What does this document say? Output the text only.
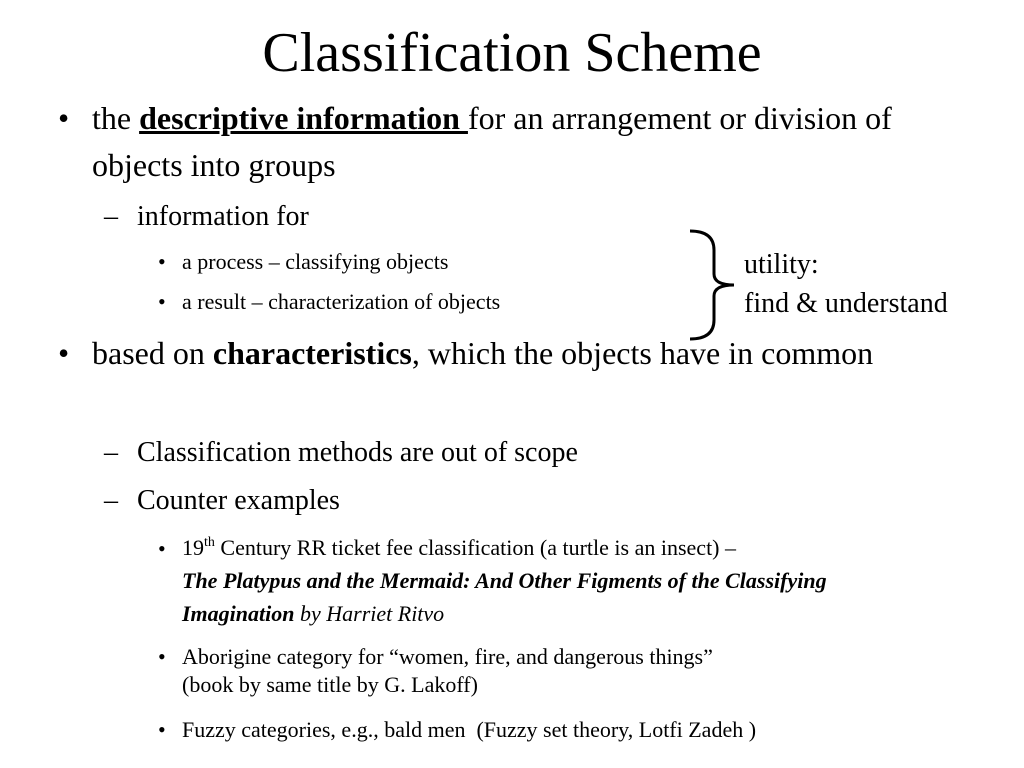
Classification Scheme
• the descriptive information for an arrangement or division of objects into groups
– information for
• a process – classifying objects
• a result – characterization of objects
utility:
find & understand
• based on characteristics, which the objects have in common
– Classification methods are out of scope
– Counter examples
• 19th Century RR ticket fee classification (a turtle is an insect) –
The Platypus and the Mermaid: And Other Figments of the Classifying Imagination by Harriet Ritvo
• Aborigine category for “women, fire, and dangerous things”
(book by same title by G. Lakoff)
• Fuzzy categories, e.g., bald men  (Fuzzy set theory, Lotfi Zadeh )
